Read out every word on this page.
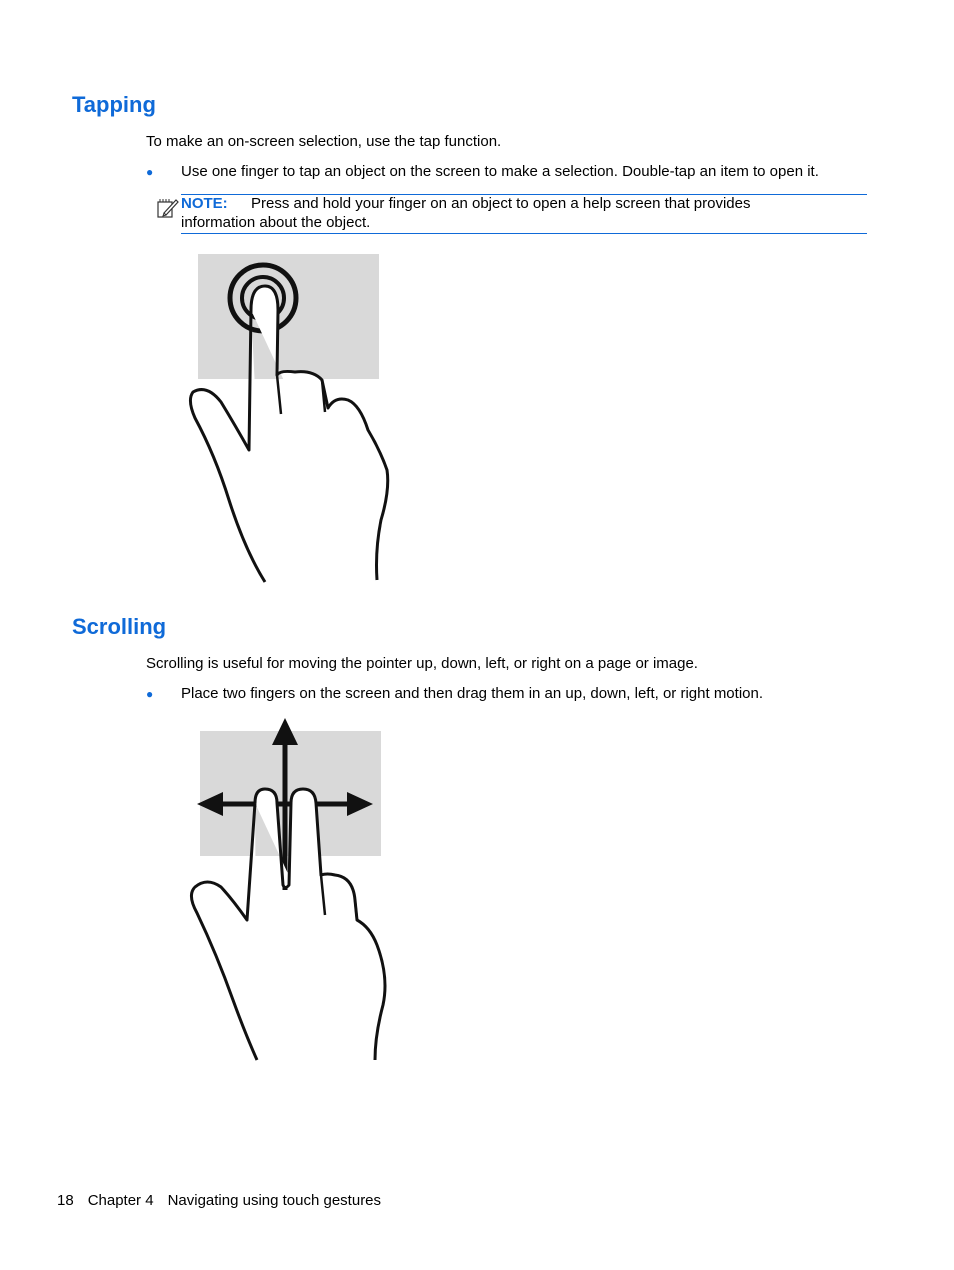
Tapping

To make an on-screen selection, use the tap function.

● Use one finger to tap an object on the screen to make a selection. Double-tap an item to open it.
NOTE: Press and hold your finger on an object to open a help screen that provides
information about the object.
Scrolling

Scrolling is useful for moving the pointer up, down, left, or right on a page or image.

● Place two fingers on the screen and then drag them in an up, down, left, or right motion.
18 Chapter 4 Navigating using touch gestures
